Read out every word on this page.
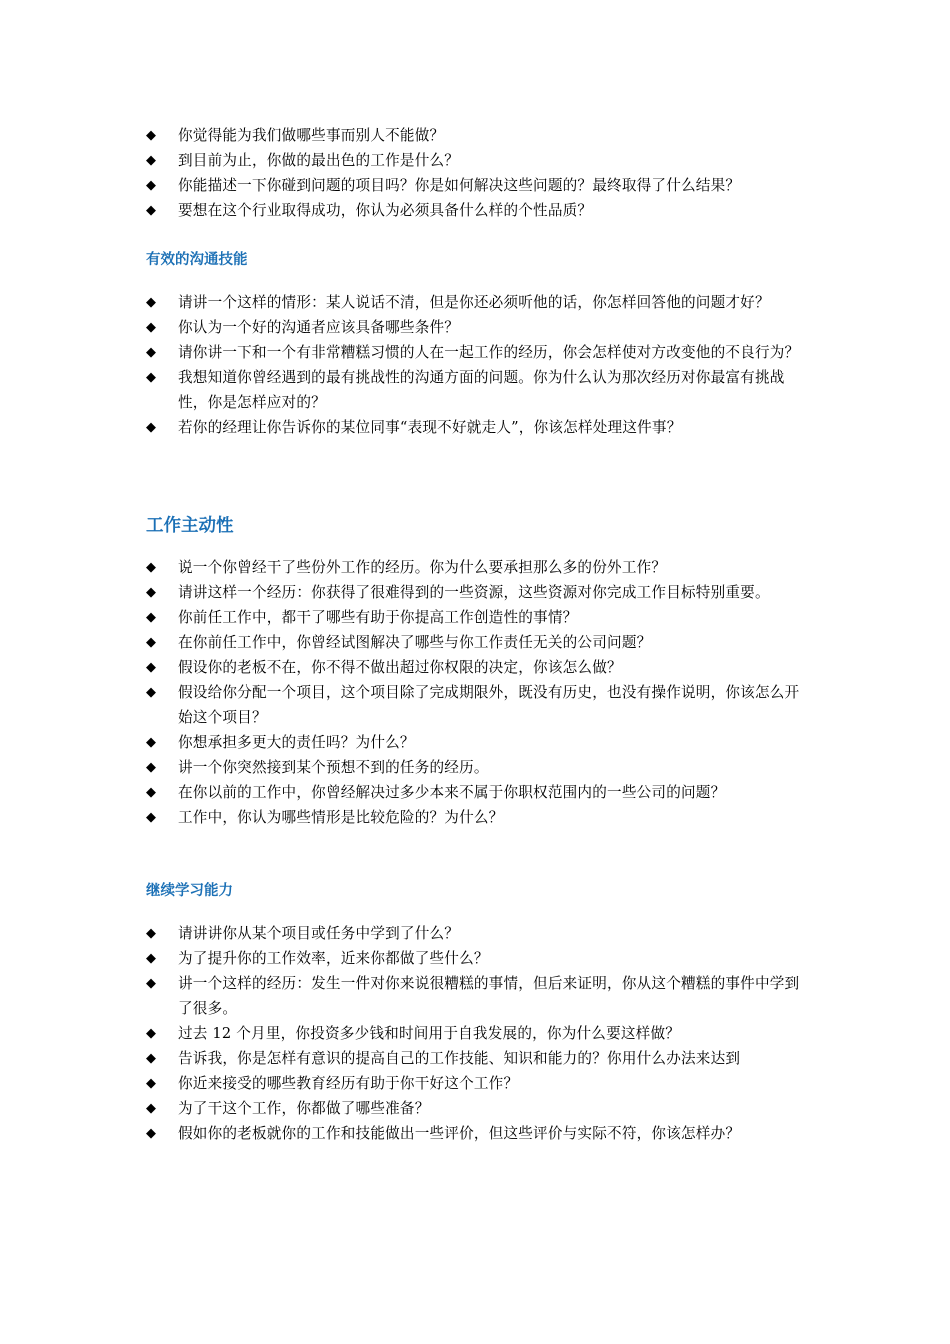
◆ 你觉得能为我们做哪些事而别人不能做？
◆ 到目前为止，你做的最出色的工作是什么？
◆ 你能描述一下你碰到问题的项目吗？你是如何解决这些问题的？最终取得了什么结果？
◆ 要想在这个行业取得成功，你认为必须具备什么样的个性品质？
有效的沟通技能
◆ 请讲一个这样的情形：某人说话不清，但是你还必须听他的话，你怎样回答他的问题才好？
◆ 你认为一个好的沟通者应该具备哪些条件？
◆ 请你讲一下和一个有非常糟糕习惯的人在一起工作的经历，你会怎样使对方改变他的不良行为？
◆ 我想知道你曾经遇到的最有挑战性的沟通方面的问题。你为什么认为那次经历对你最富有挑战性，你是怎样应对的？
◆ 若你的经理让你告诉你的某位同事“表现不好就走人”，你该怎样处理这件事？
工作主动性
◆ 说一个你曾经干了些份外工作的经历。你为什么要承担那么多的份外工作？
◆ 请讲这样一个经历：你获得了很难得到的一些资源，这些资源对你完成工作目标特别重要。
◆ 你前任工作中，都干了哪些有助于你提高工作创造性的事情？
◆ 在你前任工作中，你曾经试图解决了哪些与你工作责任无关的公司问题？
◆ 假设你的老板不在，你不得不做出超过你权限的决定，你该怎么做？
◆ 假设给你分配一个项目，这个项目除了完成期限外，既没有历史，也没有操作说明，你该怎么开始这个项目？
◆ 你想承担多更大的责任吗？为什么？
◆ 讲一个你突然接到某个预想不到的任务的经历。
◆ 在你以前的工作中，你曾经解决过多少本来不属于你职权范围内的一些公司的问题？
◆ 工作中，你认为哪些情形是比较危险的？为什么？
继续学习能力
◆ 请讲讲你从某个项目或任务中学到了什么？
◆ 为了提升你的工作效率，近来你都做了些什么？
◆ 讲一个这样的经历：发生一件对你来说很糟糕的事情，但后来证明，你从这个糟糕的事件中学到了很多。
◆ 过去 12 个月里，你投资多少钱和时间用于自我发展的，你为什么要这样做？
◆ 告诉我，你是怎样有意识的提高自己的工作技能、知识和能力的？你用什么办法来达到
◆ 你近来接受的哪些教育经历有助于你干好这个工作？
◆ 为了干这个工作，你都做了哪些准备？
◆ 假如你的老板就你的工作和技能做出一些评价，但这些评价与实际不符，你该怎样办？
